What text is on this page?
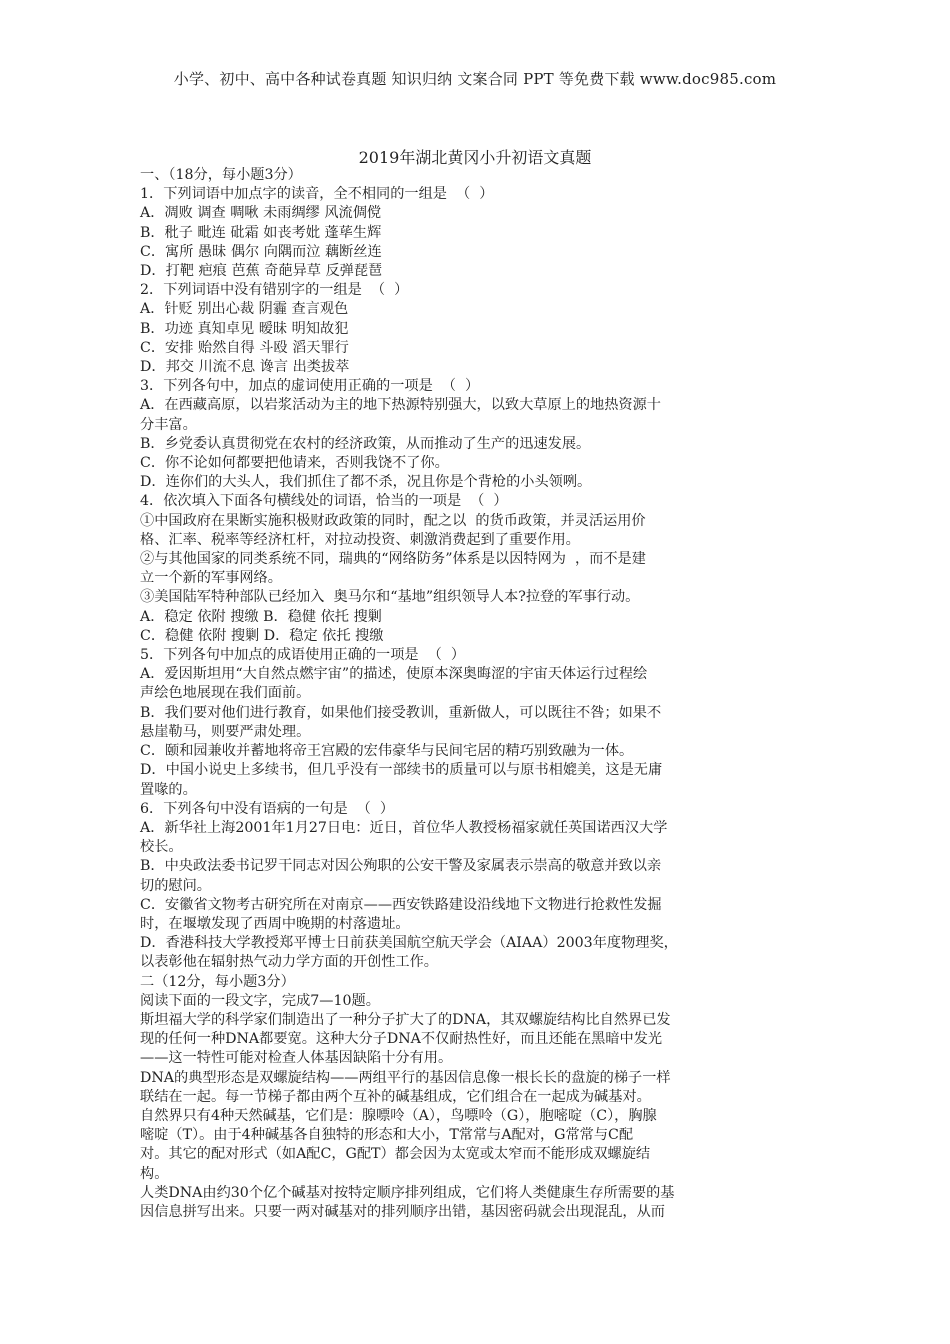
小学、初中、高中各种试卷真题 知识归纳 文案合同 PPT 等免费下载 www.doc985.com
2019年湖北黄冈小升初语文真题

一、（18分，每小题3分）

1．下列词语中加点字的读音，全不相同的一组是  （  ）

A．凋败 调查 啁啾 未雨绸缪 风流倜傥

B．秕子 毗连 砒霜 如丧考妣 蓬荜生辉

C．寓所 愚昧 偶尔 向隅而泣 藕断丝连

D．打靶 疤痕 芭蕉 奇葩异草 反弹琵琶

2．下列词语中没有错别字的一组是  （  ）

A．针贬 别出心裁 阴霾 查言观色

B．功迹 真知卓见 暧昧 明知故犯

C．安排 贻然自得 斗殴 滔天罪行

D．邦交 川流不息 谗言 出类拔萃

3．下列各句中，加点的虚词使用正确的一项是  （  ）

A．在西藏高原，以岩浆活动为主的地下热源特别强大，以致大草原上的地热资源十

分丰富。

B．乡党委认真贯彻党在农村的经济政策，从而推动了生产的迅速发展。

C．你不论如何都要把他请来，否则我饶不了你。

D．连你们的大头人，我们抓住了都不杀，况且你是个背枪的小头领咧。

4．依次填入下面各句横线处的词语，恰当的一项是  （  ）

①中国政府在果断实施积极财政政策的同时，配之以  的货币政策，并灵活运用价

格、汇率、税率等经济杠杆，对拉动投资、刺激消费起到了重要作用。

②与其他国家的同类系统不同，瑞典的“网络防务”体系是以因特网为  ，而不是建

立一个新的军事网络。

③美国陆军特种部队已经加入  奥马尔和“基地”组织领导人本?拉登的军事行动。

A．稳定 依附 搜缴 B．稳健 依托 搜剿

C．稳健 依附 搜剿 D．稳定 依托 搜缴

5．下列各句中加点的成语使用正确的一项是  （  ）

A．爱因斯坦用“大自然点燃宇宙”的描述，使原本深奥晦涩的宇宙天体运行过程绘

声绘色地展现在我们面前。

B．我们要对他们进行教育，如果他们接受教训，重新做人，可以既往不咎；如果不

悬崖勒马，则要严肃处理。

C．颐和园兼收并蓄地将帝王宫殿的宏伟豪华与民间宅居的精巧别致融为一体。

D．中国小说史上多续书，但几乎没有一部续书的质量可以与原书相媲美，这是无庸

置喙的。

6．下列各句中没有语病的一句是  （  ）

A．新华社上海2001年1月27日电：近日，首位华人教授杨福家就任英国诺西汉大学

校长。

B．中央政法委书记罗干同志对因公殉职的公安干警及家属表示崇高的敬意并致以亲

切的慰问。

C．安徽省文物考古研究所在对南京——西安铁路建设沿线地下文物进行抢救性发掘

时，在堰墩发现了西周中晚期的村落遗址。

D．香港科技大学教授郑平博士日前获美国航空航天学会（AIAA）2003年度物理奖，

以表彰他在辐射热气动力学方面的开创性工作。

二（12分，每小题3分）

阅读下面的一段文字，完成7—10题。

斯坦福大学的科学家们制造出了一种分子扩大了的DNA，其双螺旋结构比自然界已发

现的任何一种DNA都要宽。这种大分子DNA不仅耐热性好，而且还能在黑暗中发光

——这一特性可能对检查人体基因缺陷十分有用。

DNA的典型形态是双螺旋结构——两组平行的基因信息像一根长长的盘旋的梯子一样

联结在一起。每一节梯子都由两个互补的碱基组成，它们组合在一起成为碱基对。

自然界只有4种天然碱基，它们是：腺嘌呤（A），鸟嘌呤（G），胞嘧啶（C），胸腺

嘧啶（T）。由于4种碱基各自独特的形态和大小，T常常与A配对，G常常与C配

对。其它的配对形式（如A配C，G配T）都会因为太宽或太窄而不能形成双螺旋结

构。

人类DNA由约30个亿个碱基对按特定顺序排列组成，它们将人类健康生存所需要的基

因信息拼写出来。只要一两对碱基对的排列顺序出错，基因密码就会出现混乱，从而
